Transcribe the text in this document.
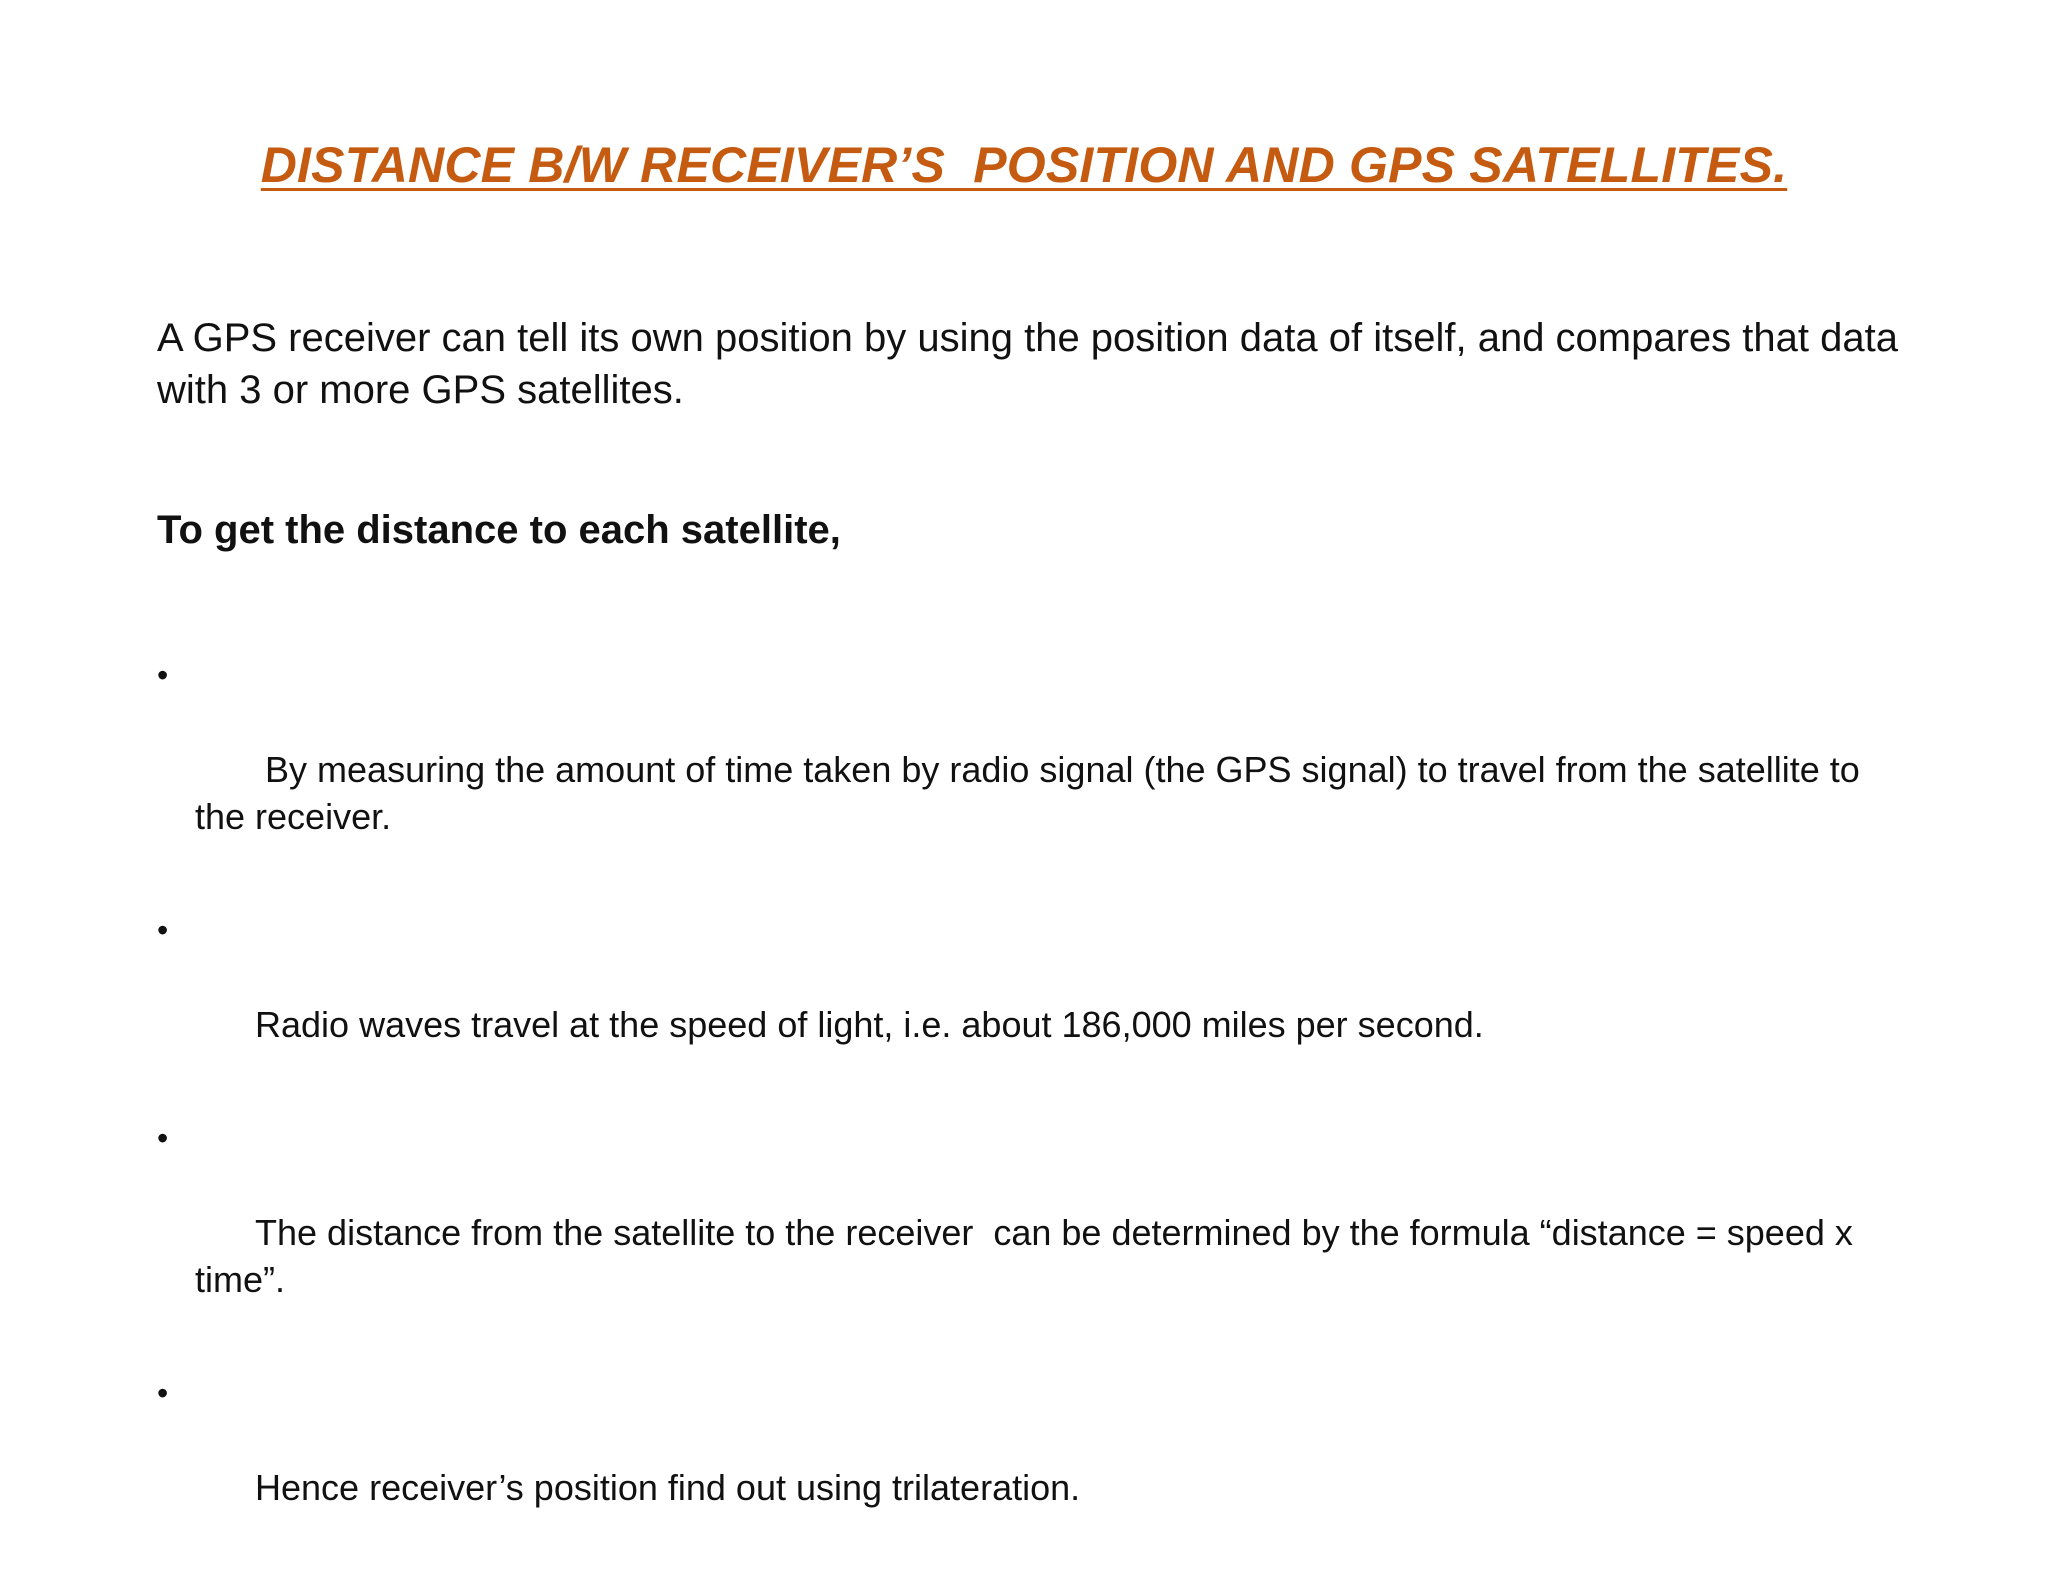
DISTANCE B/W RECEIVER’S  POSITION AND GPS SATELLITES.
A GPS receiver can tell its own position by using the position data of itself, and compares that data with 3 or more GPS satellites.
To get the distance to each satellite,

•

By measuring the amount of time taken by radio signal (the GPS signal) to travel from the satellite to the receiver.

•

Radio waves travel at the speed of light, i.e. about 186,000 miles per second.

•

The distance from the satellite to the receiver  can be determined by the formula “distance = speed x time”.

•

Hence receiver’s position find out using trilateration.
